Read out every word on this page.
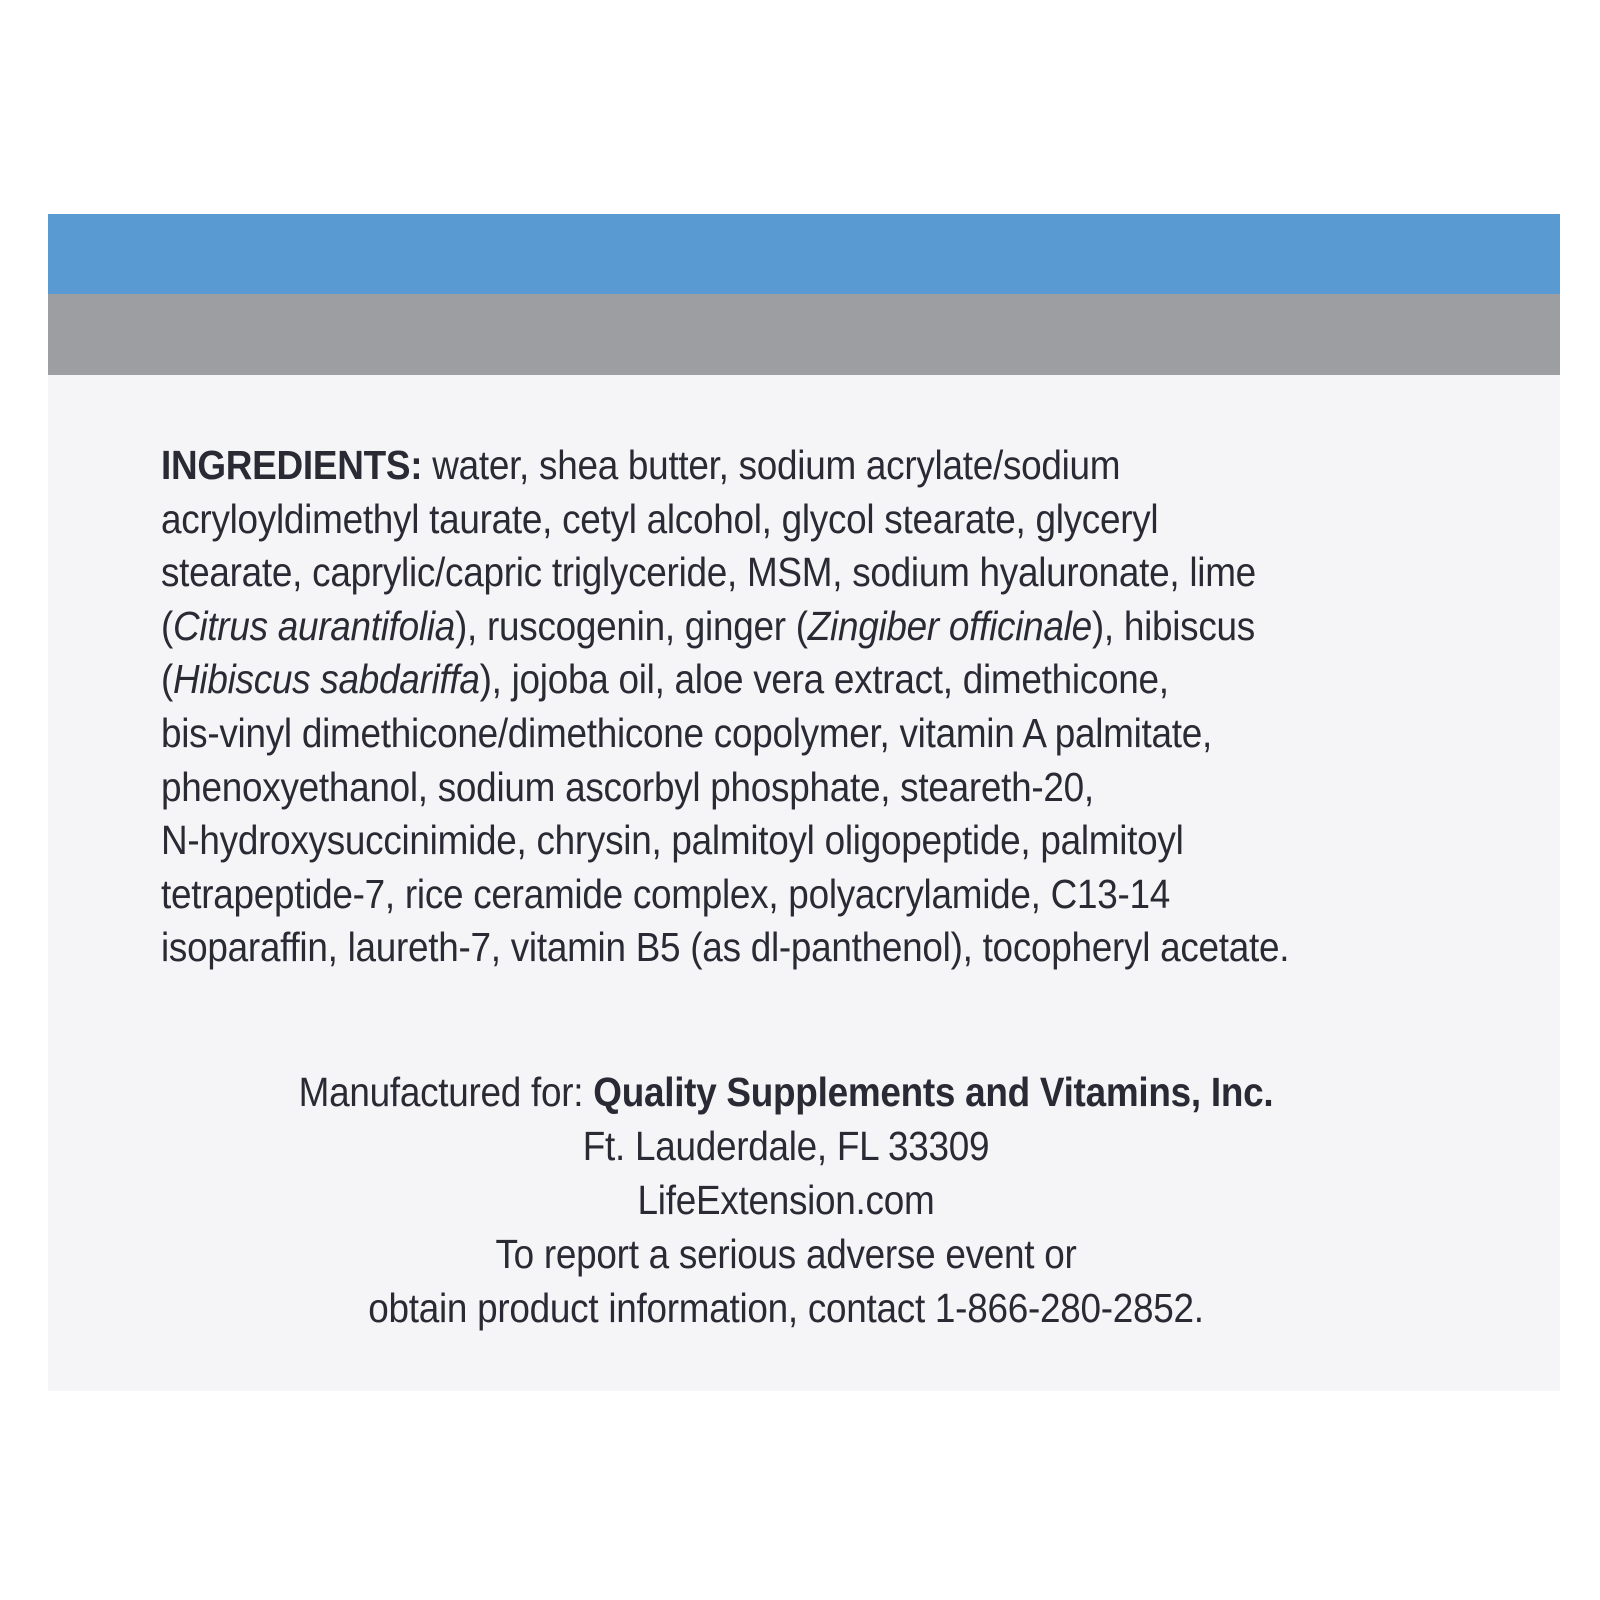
INGREDIENTS: water, shea butter, sodium acrylate/sodium
acryloyldimethyl taurate, cetyl alcohol, glycol stearate, glyceryl
stearate, caprylic/capric triglyceride, MSM, sodium hyaluronate, lime
(Citrus aurantifolia), ruscogenin, ginger (Zingiber officinale), hibiscus
(Hibiscus sabdariffa), jojoba oil, aloe vera extract, dimethicone,
bis-vinyl dimethicone/dimethicone copolymer, vitamin A palmitate,
phenoxyethanol, sodium ascorbyl phosphate, steareth-20,
N-hydroxysuccinimide, chrysin, palmitoyl oligopeptide, palmitoyl
tetrapeptide-7, rice ceramide complex, polyacrylamide, C13-14
isoparaffin, laureth-7, vitamin B5 (as dl-panthenol), tocopheryl acetate.

Manufactured for: Quality Supplements and Vitamins, Inc.
Ft. Lauderdale, FL 33309
LifeExtension.com
To report a serious adverse event or
obtain product information, contact 1-866-280-2852.
